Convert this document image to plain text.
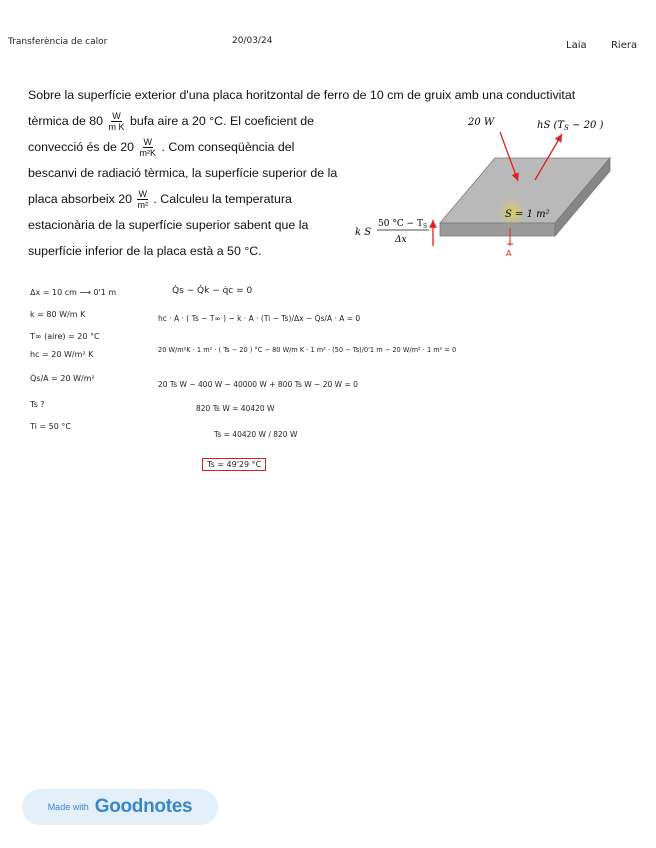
Transferència de calor	20/03/24	Laia Riera
Sobre la superfície exterior d'una placa horitzontal de ferro de 10 cm de gruix amb una conductivitat
tèrmica de $80 \frac{W}{\text{m K}}$ bufa aire a 20 °C. El coeficient de
convecció és de $20 \frac{W}{\text{m²K}}$ . Com conseqüència del
bescanvi de radiació tèrmica, la superfície superior de la
placa absorbeix $20 \frac{W}{\text{m²}}$ . Calculeu la temperatura
estacionària de la superfície superior sabent que la
superfície inferior de la placa està a 50 °C.
20 W	hS ($T_S - 20$ )
S = 1 m²
k S
50 $^\circ C - T_S$
Δx
A
Δx = 10 cm ⟶ 0'1 m
k = 80 W/m K
T∞ (aire) = 20 °C
hc = 20 W/m² K
Q̇s/A = 20 W/m²
Ts ?
Ti = 50 °C
Q̇s − Q̇k − q̇c = 0
hc · A · ( Ts − T∞ ) − k · A · (Ti − Ts)/Δx − Q̇s/A · A = 0
20 W/m²K · 1 m² · ( Ts − 20 ) °C − 80 W/m K · 1 m² · (50 − Ts)/0'1 m − 20 W/m² · 1 m² = 0
20 Ts W − 400 W − 40000 W + 800 Ts W − 20 W = 0
820 Ts W = 40420 W
Ts = 40420 W / 820 W
Ts = 49'29 °C
Made with Goodnotes
